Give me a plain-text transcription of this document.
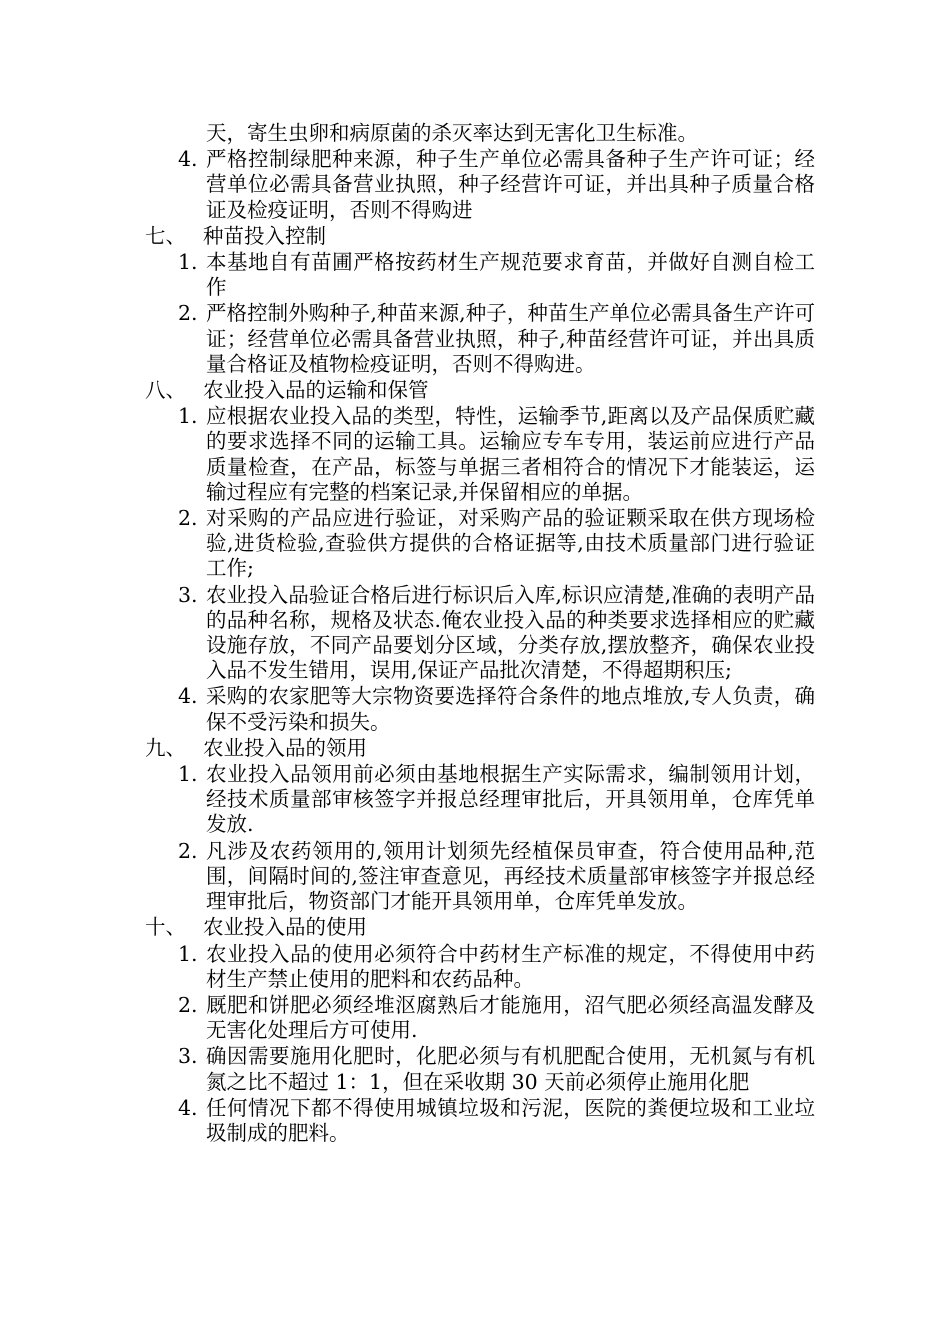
天，寄生虫卵和病原菌的杀灭率达到无害化卫生标准。
4. 严格控制绿肥种来源，种子生产单位必需具备种子生产许可证；经营单位必需具备营业执照，种子经营许可证，并出具种子质量合格证及检疫证明，否则不得购进
七、 种苗投入控制
1. 本基地自有苗圃严格按药材生产规范要求育苗，并做好自测自检工作
2. 严格控制外购种子,种苗来源,种子，种苗生产单位必需具备生产许可证；经营单位必需具备营业执照，种子,种苗经营许可证，并出具质量合格证及植物检疫证明，否则不得购进。
八、 农业投入品的运输和保管
1. 应根据农业投入品的类型，特性，运输季节,距离以及产品保质贮藏的要求选择不同的运输工具。运输应专车专用，装运前应进行产品质量检查，在产品，标签与单据三者相符合的情况下才能装运，运输过程应有完整的档案记录,并保留相应的单据。
2. 对采购的产品应进行验证，对采购产品的验证颗采取在供方现场检验,进货检验,查验供方提供的合格证据等,由技术质量部门进行验证工作;
3. 农业投入品验证合格后进行标识后入库,标识应清楚,准确的表明产品的品种名称，规格及状态.俺农业投入品的种类要求选择相应的贮藏设施存放，不同产品要划分区域，分类存放,摆放整齐，确保农业投入品不发生错用，误用,保证产品批次清楚，不得超期积压;
4. 采购的农家肥等大宗物资要选择符合条件的地点堆放,专人负责，确保不受污染和损失。
九、 农业投入品的领用
1. 农业投入品领用前必须由基地根据生产实际需求，编制领用计划，经技术质量部审核签字并报总经理审批后，开具领用单，仓库凭单发放.
2. 凡涉及农药领用的,领用计划须先经植保员审查，符合使用品种,范围，间隔时间的,签注审查意见，再经技术质量部审核签字并报总经理审批后，物资部门才能开具领用单，仓库凭单发放。
十、 农业投入品的使用
1. 农业投入品的使用必须符合中药材生产标准的规定，不得使用中药材生产禁止使用的肥料和农药品种。
2. 厩肥和饼肥必须经堆沤腐熟后才能施用，沼气肥必须经高温发酵及无害化处理后方可使用.
3. 确因需要施用化肥时，化肥必须与有机肥配合使用，无机氮与有机氮之比不超过 1：1，但在采收期 30 天前必须停止施用化肥
4. 任何情况下都不得使用城镇垃圾和污泥，医院的粪便垃圾和工业垃圾制成的肥料。
